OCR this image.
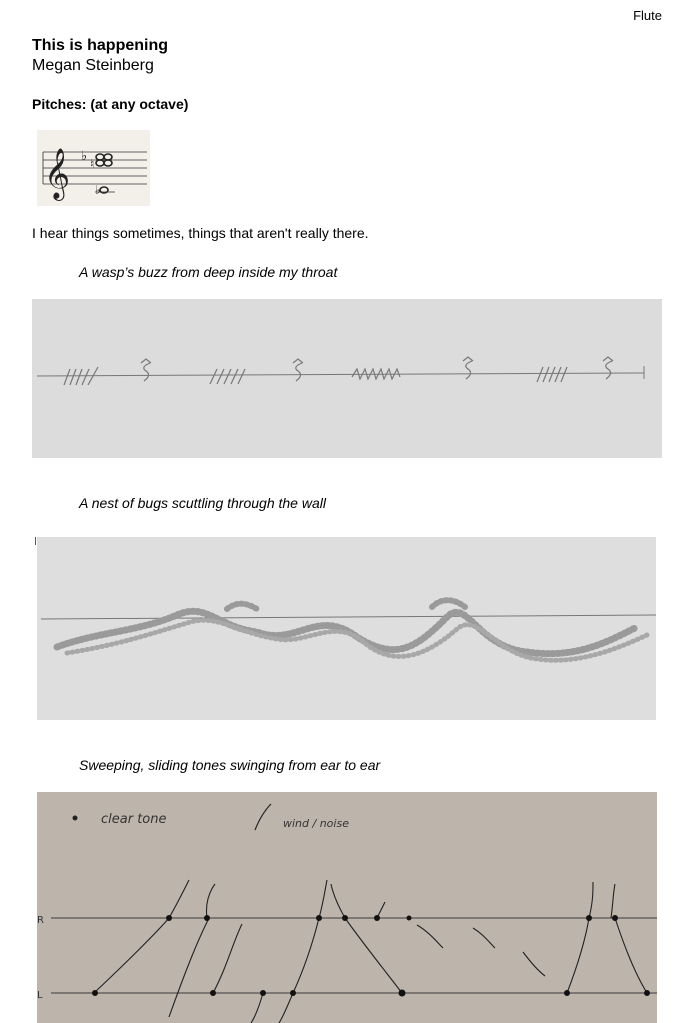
Flute
This is happening
Megan Steinberg
Pitches: (at any octave)
𝄞 ♭ ♮
♭
I hear things sometimes, things that aren't really there.
A wasp’s buzz from deep inside my throat
A nest of bugs scuttling through the wall
Sweeping, sliding tones swinging from ear to ear
clear tone	wind / noise
R
L
